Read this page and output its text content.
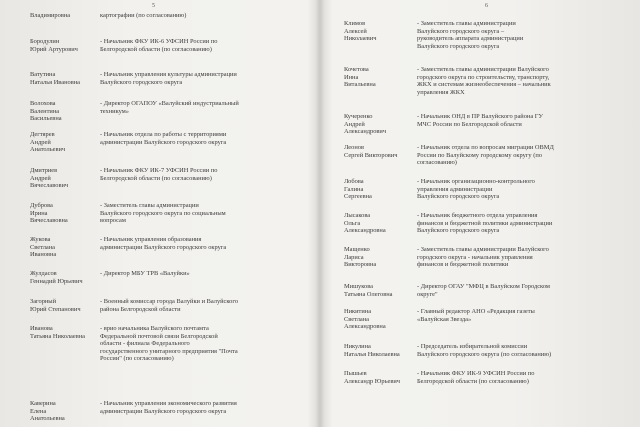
5
Владимировна	картографии (по согласованию)
Бородулин
Юрий Артурович
- Начальник ФКУ ИК-6 УФСИН России по
Белгородской области (по согласованию)
Ватутина
Наталья Ивановна
- Начальник управления культуры администрации
Валуйского городского округа
Волохова
Валентина
Васильевна
- Директор ОГАПОУ «Валуйский индустриальный
техникум»
Дегтярев
Андрей
Анатольевич
- Начальник отдела по работы с территориями
администрации Валуйского городского округа
Дмитриев
Андрей
Вячеславович
- Начальник ФКУ ИК-7 УФСИН России по
Белгородской области (по согласованию)
Дуброва
Ирина
Вячеславовна
- Заместитель главы администрации
Валуйского городского округа по социальным
вопросам
Жукова
Светлана
Ивановна
- Начальник управления образования
администрации Валуйского городского округа
Жулдасов
Геннадий Юрьевич
- Директор МБУ ТРВ «Валуйки»
Загорный
Юрий Степанович
- Военный комиссар города Валуйки и Валуйского
района Белгородской области
Иванова
Татьяна Николаевна
- врио начальника Валуйского почтамта
Федеральной почтовой связи Белгородской
области - филиала Федерального
государственного унитарного предприятия "Почта
России" (по согласованию)
Каверина
Елена
Анатольевна
- Начальник управления экономического развития
администрации Валуйского городского округа
6
Климов
Алексей
Николаевич
- Заместитель главы администрации
Валуйского городского округа –
руководитель аппарата администрации
Валуйского городского округа
Кочетова
Инна
Витальевна
- Заместитель главы администрации Валуйского
городского округа по строительству, транспорту,
ЖКХ и системам жизнеобеспечения – начальник
управления ЖКХ
Кучеренко
Андрей
Александрович
- Начальник ОНД в ПР Валуйского района ГУ
МЧС России по Белгородской области
Леонов
Сергей Викторович
- Начальник отдела по вопросам миграции ОВМД
России по Валуйскому городскому округу (по
согласованию)
Лобова
Галина
Сергеевна
- Начальник организационно-контрольного
управления администрации
Валуйского городского округа
Лысакова
Ольга
Александровна
- Начальник бюджетного отдела управления
финансов и бюджетной политики администрации
Валуйского городского округа
Мащенко
Лариса
Викторовна
- Заместитель главы администрации Валуйского
городского округа - начальник управления
финансов и бюджетной политики
Мишукова
Татьяна Олеговна
- Директор ОГАУ "МФЦ в Валуйском Городском
округе"
Никитина
Светлана
Александровна
- Главный редактор АНО «Редакция газеты
«Валуйская Звезда»
Никулина
Наталья Николаевна
- Председатель избирательной комиссии
Валуйского городского округа (по согласованию)
Пышьев
Александр Юрьевич
- Начальник ФКУ ИК-9 УФСИН России по
Белгородской области (по согласованию)
